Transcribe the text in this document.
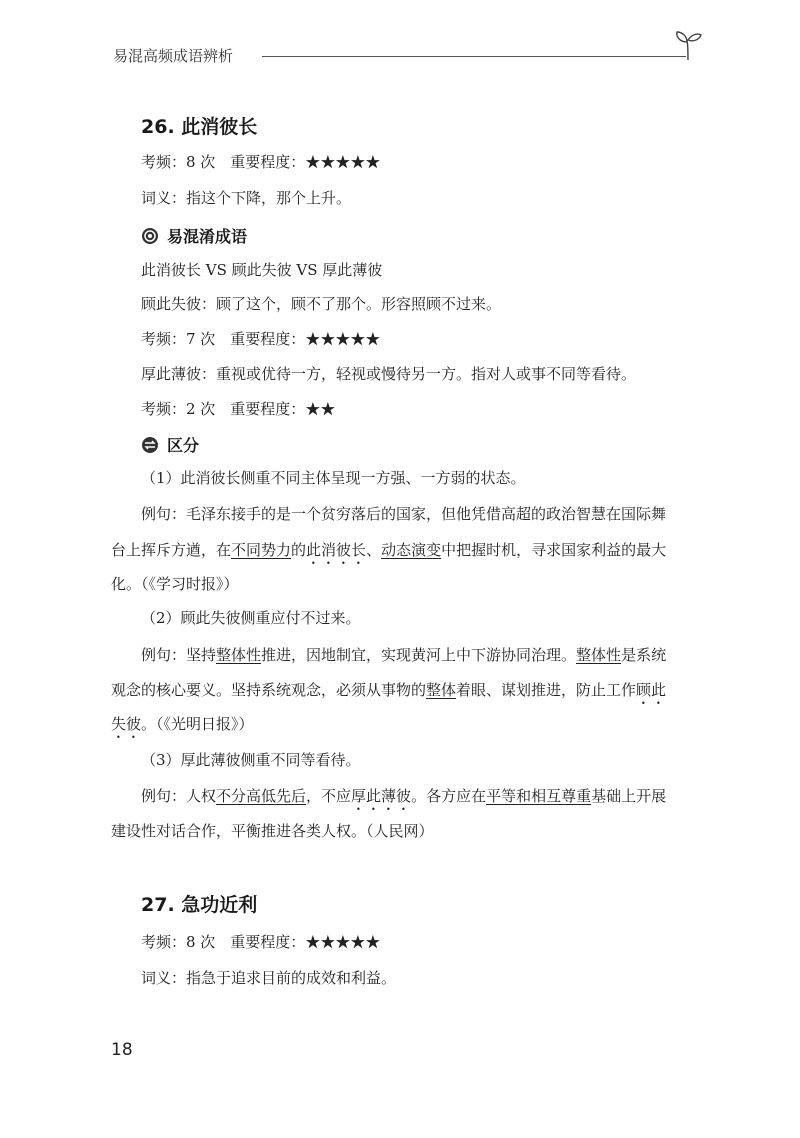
易混高频成语辨析
26. 此消彼长
考频：8 次　重要程度：★★★★★
词义：指这个下降，那个上升。
易混淆成语
此消彼长 VS 顾此失彼 VS 厚此薄彼
顾此失彼：顾了这个，顾不了那个。形容照顾不过来。
考频：7 次　重要程度：★★★★★
厚此薄彼：重视或优待一方，轻视或慢待另一方。指对人或事不同等看待。
考频：2 次　重要程度：★★
区分
（1）此消彼长侧重不同主体呈现一方强、一方弱的状态。
例句：毛泽东接手的是一个贫穷落后的国家，但他凭借高超的政治智慧在国际舞
台上挥斥方遒，在不同势力的此消彼长、动态演变中把握时机，寻求国家利益的最大
化。（《学习时报》）
（2）顾此失彼侧重应付不过来。
例句：坚持整体性推进，因地制宜，实现黄河上中下游协同治理。整体性是系统
观念的核心要义。坚持系统观念，必须从事物的整体着眼、谋划推进，防止工作顾此
失彼。（《光明日报》）
（3）厚此薄彼侧重不同等看待。
例句：人权不分高低先后，不应厚此薄彼。各方应在平等和相互尊重基础上开展
建设性对话合作，平衡推进各类人权。（人民网）
27. 急功近利
考频：8 次　重要程度：★★★★★
词义：指急于追求目前的成效和利益。
18
